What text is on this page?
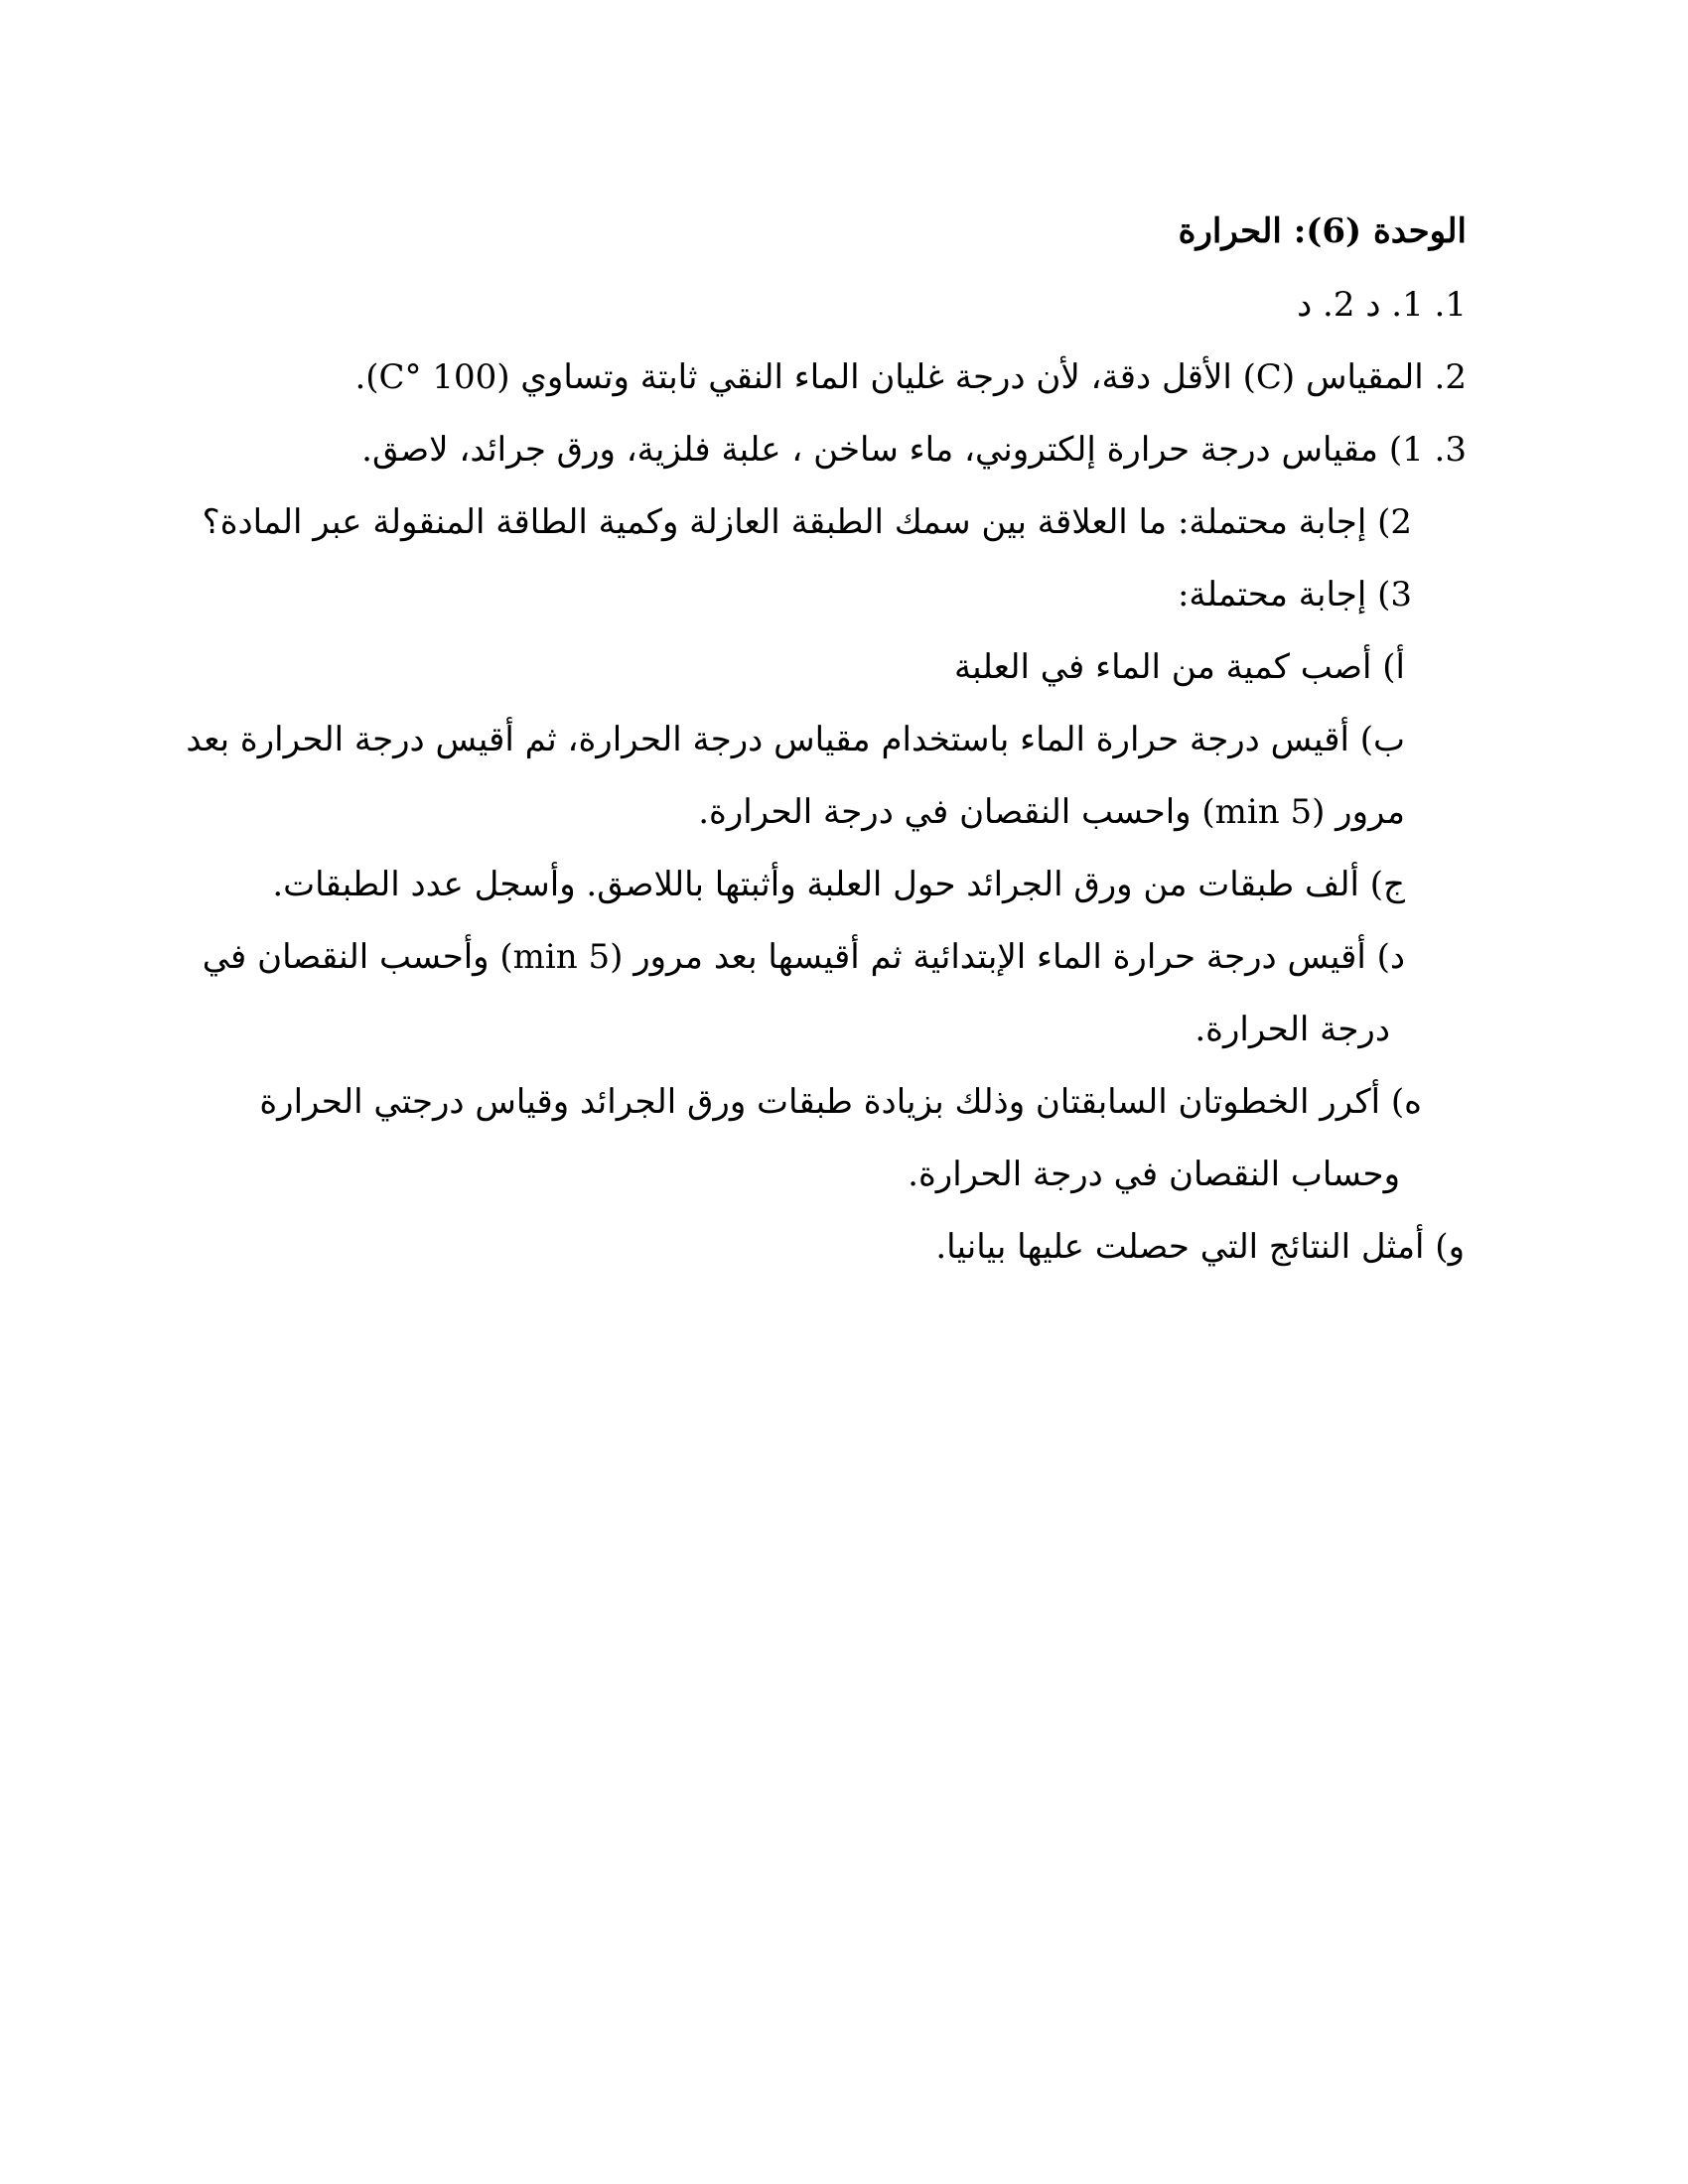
الوحدة (6): الحرارة
1. 1. د 2. د
2. المقياس (C) الأقل دقة، لأن درجة غليان الماء النقي ثابتة وتساوي (C° 100).
3. 1) مقياس درجة حرارة إلكتروني، ماء ساخن ، علبة فلزية، ورق جرائد، لاصق.
2) إجابة محتملة: ما العلاقة بين سمك الطبقة العازلة وكمية الطاقة المنقولة عبر المادة؟
3) إجابة محتملة:
أ) أصب كمية من الماء في العلبة
ب) أقيس درجة حرارة الماء باستخدام مقياس درجة الحرارة، ثم أقيس درجة الحرارة بعد
مرور (5 min) واحسب النقصان في درجة الحرارة.
ج) ألف طبقات من ورق الجرائد حول العلبة وأثبتها باللاصق. وأسجل عدد الطبقات.
د) أقيس درجة حرارة الماء الإبتدائية ثم أقيسها بعد مرور (5 min) وأحسب النقصان في
درجة الحرارة.
ه) أكرر الخطوتان السابقتان وذلك بزيادة طبقات ورق الجرائد وقياس درجتي الحرارة
وحساب النقصان في درجة الحرارة.
و) أمثل النتائج التي حصلت عليها بيانيا.
